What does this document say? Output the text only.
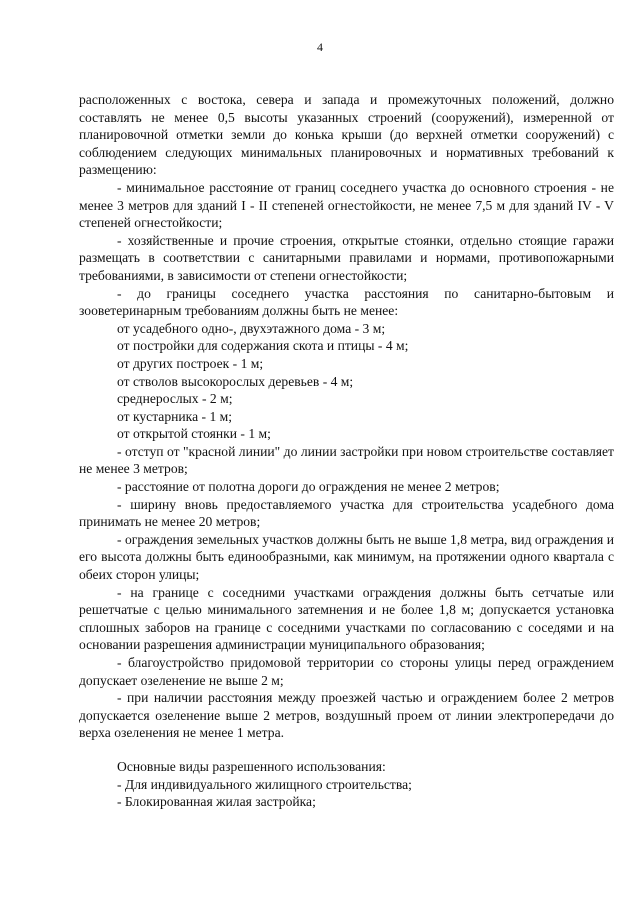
4

расположенных с востока, севера и запада и промежуточных положений, должно составлять не менее 0,5 высоты указанных строений (сооружений), измеренной от планировочной отметки земли до конька крыши (до верхней отметки сооружений) с соблюдением следующих минимальных планировочных и нормативных требований к размещению:

- минимальное расстояние от границ соседнего участка до основного строения - не менее 3 метров для зданий I - II степеней огнестойкости, не менее 7,5 м для зданий IV - V степеней огнестойкости;

- хозяйственные и прочие строения, открытые стоянки, отдельно стоящие гаражи размещать в соответствии с санитарными правилами и нормами, противопожарными требованиями, в зависимости от степени огнестойкости;

- до границы соседнего участка расстояния по санитарно-бытовым и зооветеринарным требованиям должны быть не менее:

от усадебного одно-, двухэтажного дома - 3 м;

от постройки для содержания скота и птицы - 4 м;

от других построек - 1 м;

от стволов высокорослых деревьев - 4 м;

среднерослых - 2 м;

от кустарника - 1 м;

от открытой стоянки - 1 м;

- отступ от "красной линии" до линии застройки при новом строительстве составляет не менее 3 метров;

- расстояние от полотна дороги до ограждения не менее 2 метров;

- ширину вновь предоставляемого участка для строительства усадебного дома принимать не менее 20 метров;

- ограждения земельных участков должны быть не выше 1,8 метра, вид ограждения и его высота должны быть единообразными, как минимум, на протяжении одного квартала с обеих сторон улицы;

- на границе с соседними участками ограждения должны быть сетчатые или решетчатые с целью минимального затемнения и не более 1,8 м; допускается установка сплошных заборов на границе с соседними участками по согласованию с соседями и на основании разрешения администрации муниципального образования;

- благоустройство придомовой территории со стороны улицы перед ограждением допускает озеленение не выше 2 м;

- при наличии расстояния между проезжей частью и ограждением более 2 метров допускается озеленение выше 2 метров, воздушный проем от линии электропередачи до верха озеленения не менее 1 метра.

Основные виды разрешенного использования:

- Для индивидуального жилищного строительства;

- Блокированная жилая застройка;
